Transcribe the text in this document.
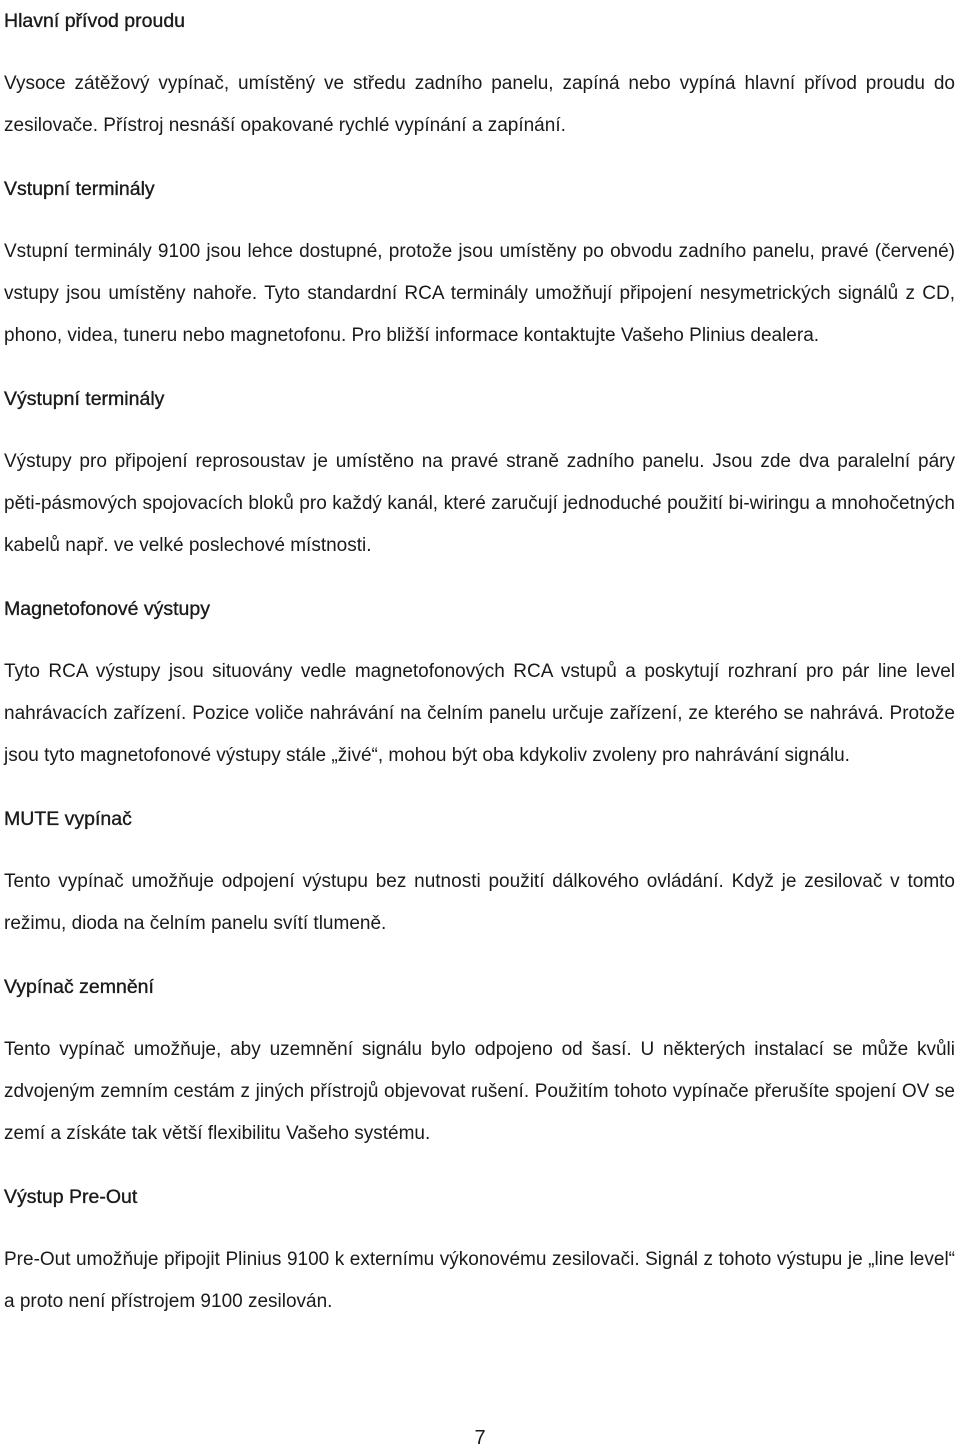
Hlavní přívod proudu

Vysoce zátěžový vypínač, umístěný ve středu zadního panelu, zapíná nebo vypíná hlavní přívod proudu do zesilovače. Přístroj nesnáší opakované rychlé vypínání a zapínání.

Vstupní terminály

Vstupní terminály 9100 jsou lehce dostupné, protože jsou umístěny po obvodu zadního panelu, pravé (červené) vstupy jsou umístěny nahoře. Tyto standardní RCA terminály umožňují připojení nesymetrických signálů z CD, phono, videa, tuneru nebo magnetofonu. Pro bližší informace kontaktujte Vašeho Plinius dealera.

Výstupní terminály

Výstupy pro připojení reprosoustav je umístěno na pravé straně zadního panelu. Jsou zde dva paralelní páry pěti-pásmových spojovacích bloků pro každý kanál, které zaručují jednoduché použití bi-wiringu a mnohočetných kabelů např. ve velké poslechové místnosti.

Magnetofonové výstupy

Tyto RCA výstupy jsou situovány vedle magnetofonových RCA vstupů a poskytují rozhraní pro pár line level nahrávacích zařízení. Pozice voliče nahrávání na čelním panelu určuje zařízení, ze kterého se nahrává. Protože jsou tyto magnetofonové výstupy stále „živé“, mohou být oba kdykoliv zvoleny pro nahrávání signálu.

MUTE vypínač

Tento vypínač umožňuje odpojení výstupu bez nutnosti použití dálkového ovládání. Když je zesilovač v tomto režimu, dioda na čelním panelu svítí tlumeně.

Vypínač zemnění

Tento vypínač umožňuje, aby uzemnění signálu bylo odpojeno od šasí. U některých instalací se může kvůli zdvojeným zemním cestám z jiných přístrojů objevovat rušení. Použitím tohoto vypínače přerušíte spojení OV se zemí a získáte tak větší flexibilitu Vašeho systému.

Výstup Pre-Out

Pre-Out umožňuje připojit Plinius 9100 k externímu výkonovému zesilovači. Signál z tohoto výstupu je „line level“ a proto není přístrojem 9100 zesilován.

7
